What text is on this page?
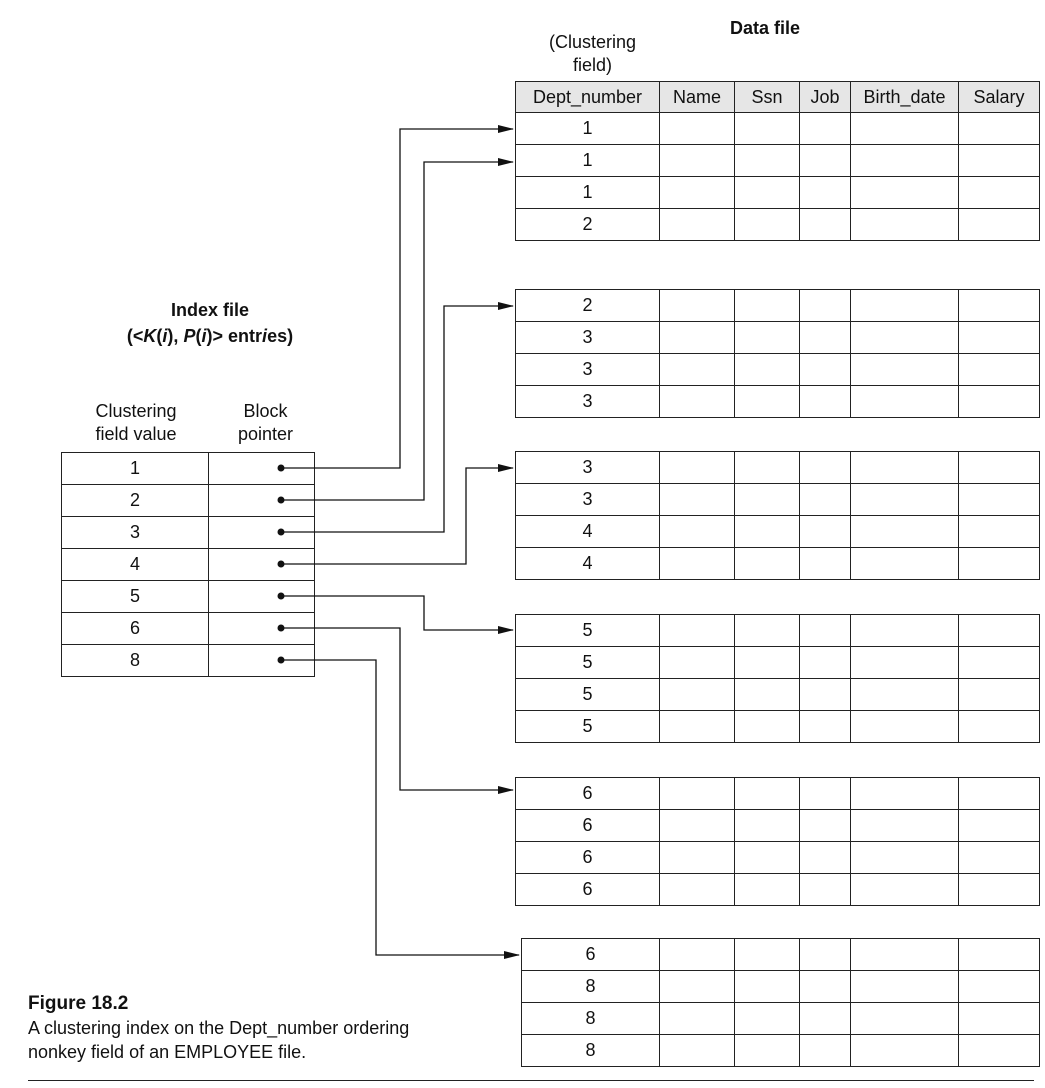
Data file
(Clustering
field)
Dept_number	Name	Ssn	Job	Birth_date	Salary
1					
1					
1					
2					
2					
3					
3					
3					
3					
3					
4					
4					
5					
5					
5					
5					
6					
6					
6					
6					
6					
8					
8					
8					
Index file
(<K(i), P(i)> entries)
Clustering
field value
Block
pointer
1	
2	
3	
4	
5	
6	
8	
Figure 18.2
A clustering index on the Dept_number ordering
nonkey field of an EMPLOYEE file.
